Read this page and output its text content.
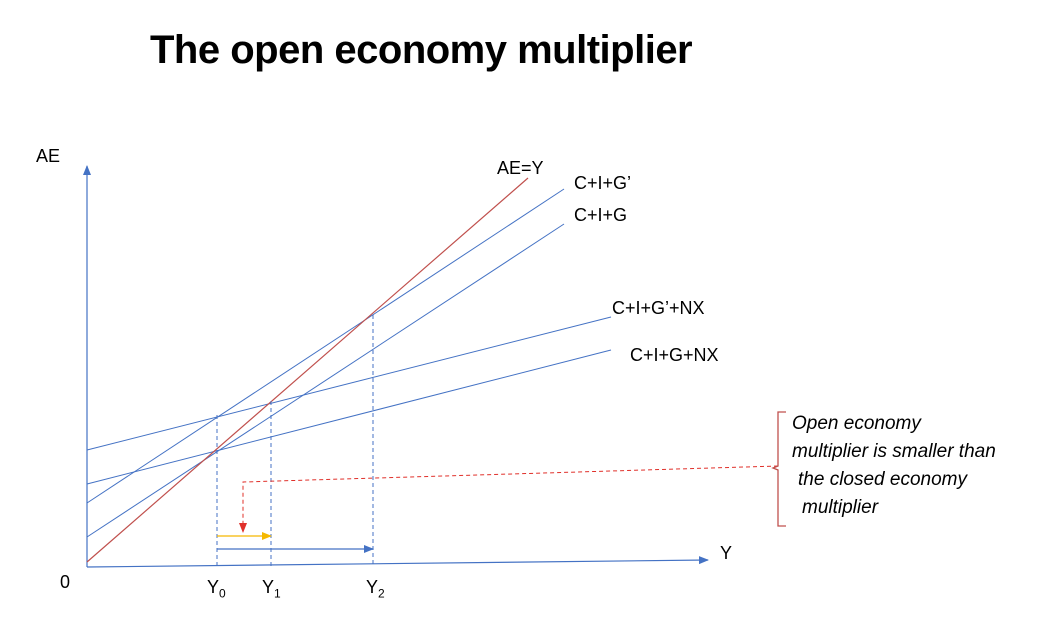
The open economy multiplier
AE
Y
0
AE=Y
C+I+G’
C+I+G
C+I+G’+NX
C+I+G+NX
$Y_0$ $Y_1$	$Y_2$
Open economy
multiplier is smaller than
the closed economy
multiplier
